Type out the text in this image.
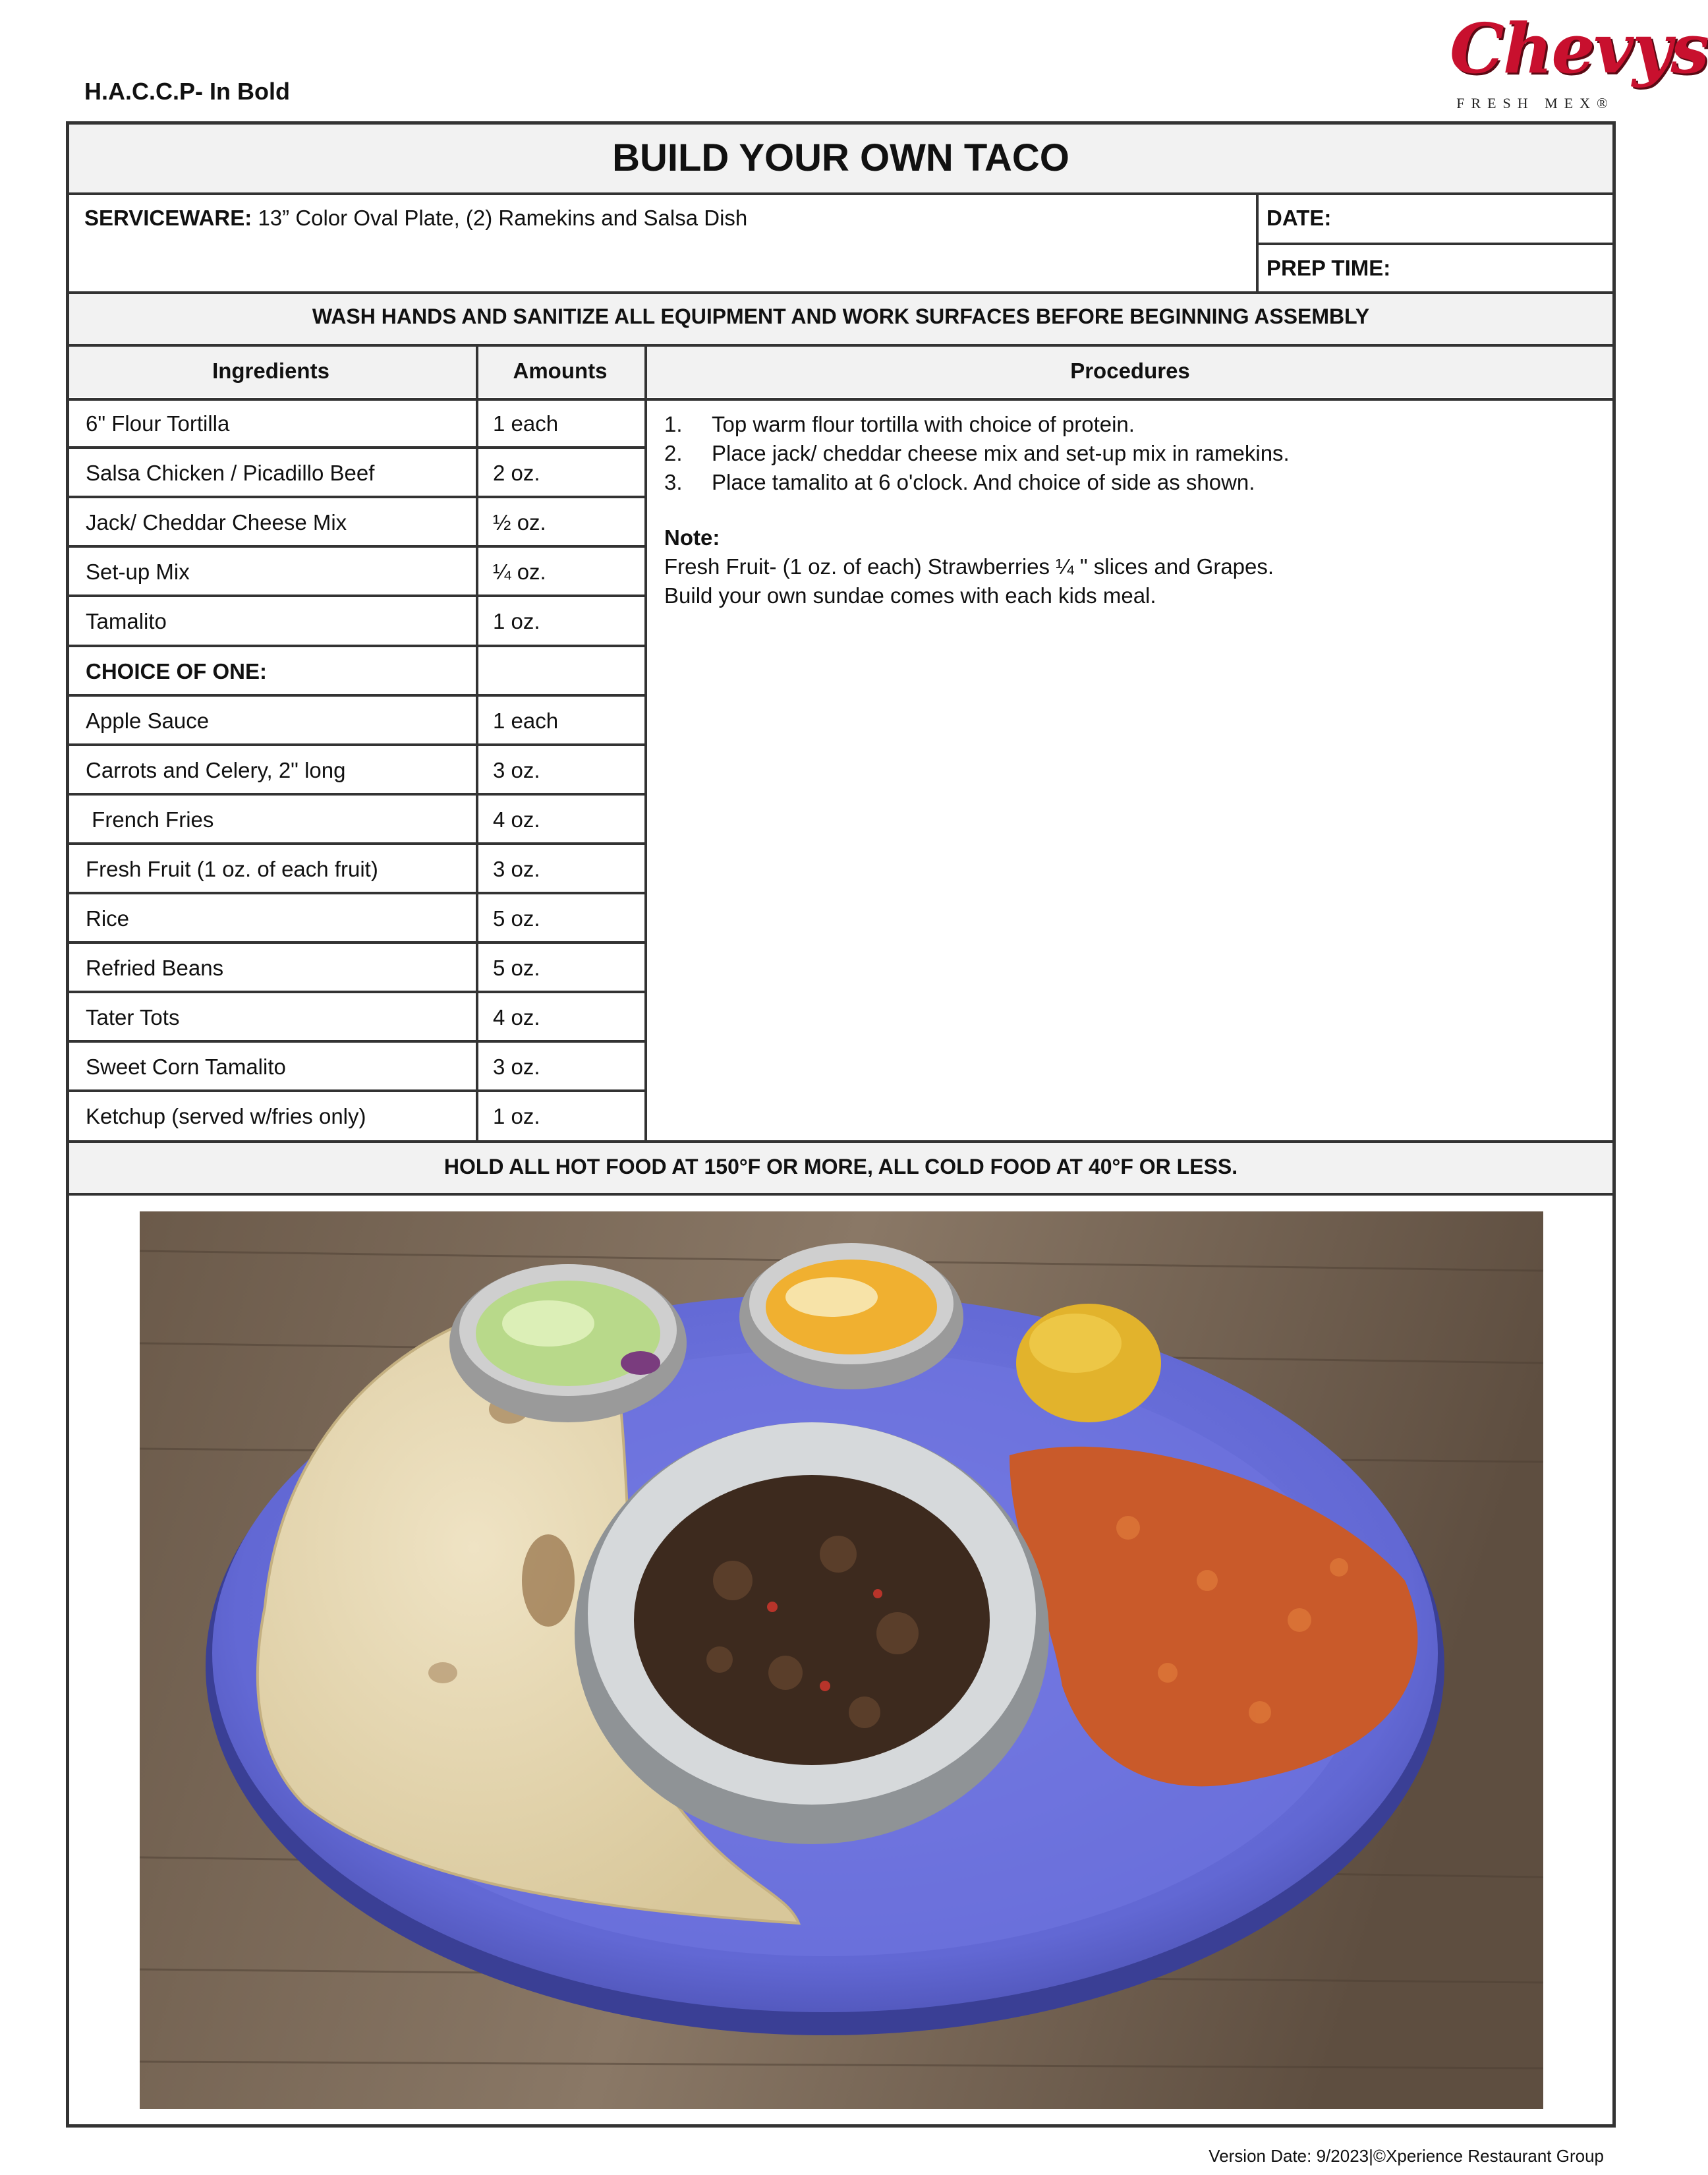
H.A.C.C.P- In Bold
Chevys
FRESH MEX®
BUILD YOUR OWN TACO
SERVICEWARE: 13” Color Oval Plate, (2) Ramekins and Salsa Dish	DATE:
PREP TIME:
WASH HANDS AND SANITIZE ALL EQUIPMENT AND WORK SURFACES BEFORE BEGINNING ASSEMBLY
Ingredients	Amounts	Procedures
6" Flour Tortilla	1 each
Salsa Chicken / Picadillo Beef	2 oz.
Jack/ Cheddar Cheese Mix	½ oz.
Set-up Mix	¼ oz.
Tamalito	1 oz.
CHOICE OF ONE:
Apple Sauce	1 each
Carrots and Celery, 2" long	3 oz.
French Fries	4 oz.
Fresh Fruit (1 oz. of each fruit)	3 oz.
Rice	5 oz.
Refried Beans	5 oz.
Tater Tots	4 oz.
Sweet Corn Tamalito	3 oz.
Ketchup (served w/fries only)	1 oz.
1.	Top warm flour tortilla with choice of protein.
2.	Place jack/ cheddar cheese mix and set-up mix in ramekins.
3.	Place tamalito at 6 o'clock. And choice of side as shown.
Note:
Fresh Fruit- (1 oz. of each) Strawberries ¼ " slices and Grapes.
Build your own sundae comes with each kids meal.
HOLD ALL HOT FOOD AT 150°F OR MORE, ALL COLD FOOD AT 40°F OR LESS.
Version Date: 9/2023|©Xperience Restaurant Group
